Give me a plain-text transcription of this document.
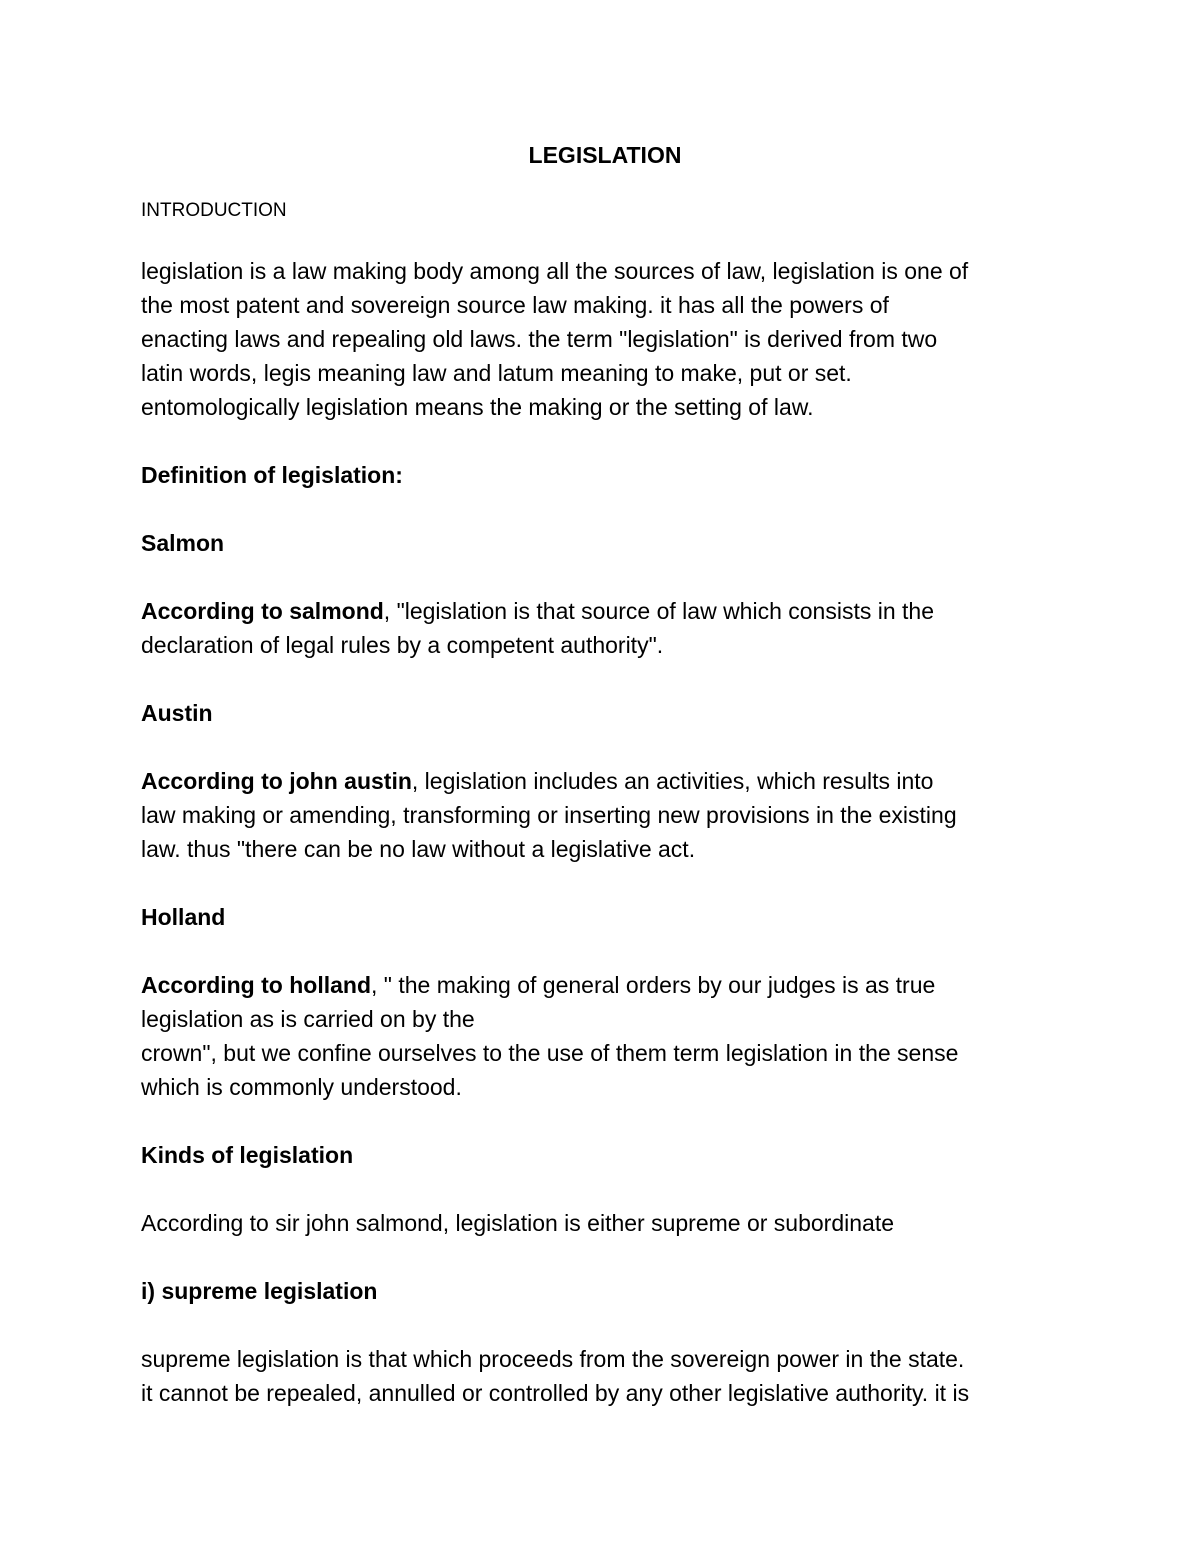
LEGISLATION
INTRODUCTION

legislation is a law making body among all the sources of law, legislation is one of
the most patent and sovereign source law making. it has all the powers of
enacting laws and repealing old laws. the term "legislation" is derived from two
latin words, legis meaning law and latum meaning to make, put or set.
entomologically legislation means the making or the setting of law.

Definition of legislation:

Salmon

According to salmond, "legislation is that source of law which consists in the
declaration of legal rules by a competent authority".

Austin

According to john austin, legislation includes an activities, which results into
law making or amending, transforming or inserting new provisions in the existing
law. thus "there can be no law without a legislative act.

Holland

According to holland, " the making of general orders by our judges is as true
legislation as is carried on by the
crown", but we confine ourselves to the use of them term legislation in the sense
which is commonly understood.

Kinds of legislation

According to sir john salmond, legislation is either supreme or subordinate

i) supreme legislation

supreme legislation is that which proceeds from the sovereign power in the state.
it cannot be repealed, annulled or controlled by any other legislative authority. it is
